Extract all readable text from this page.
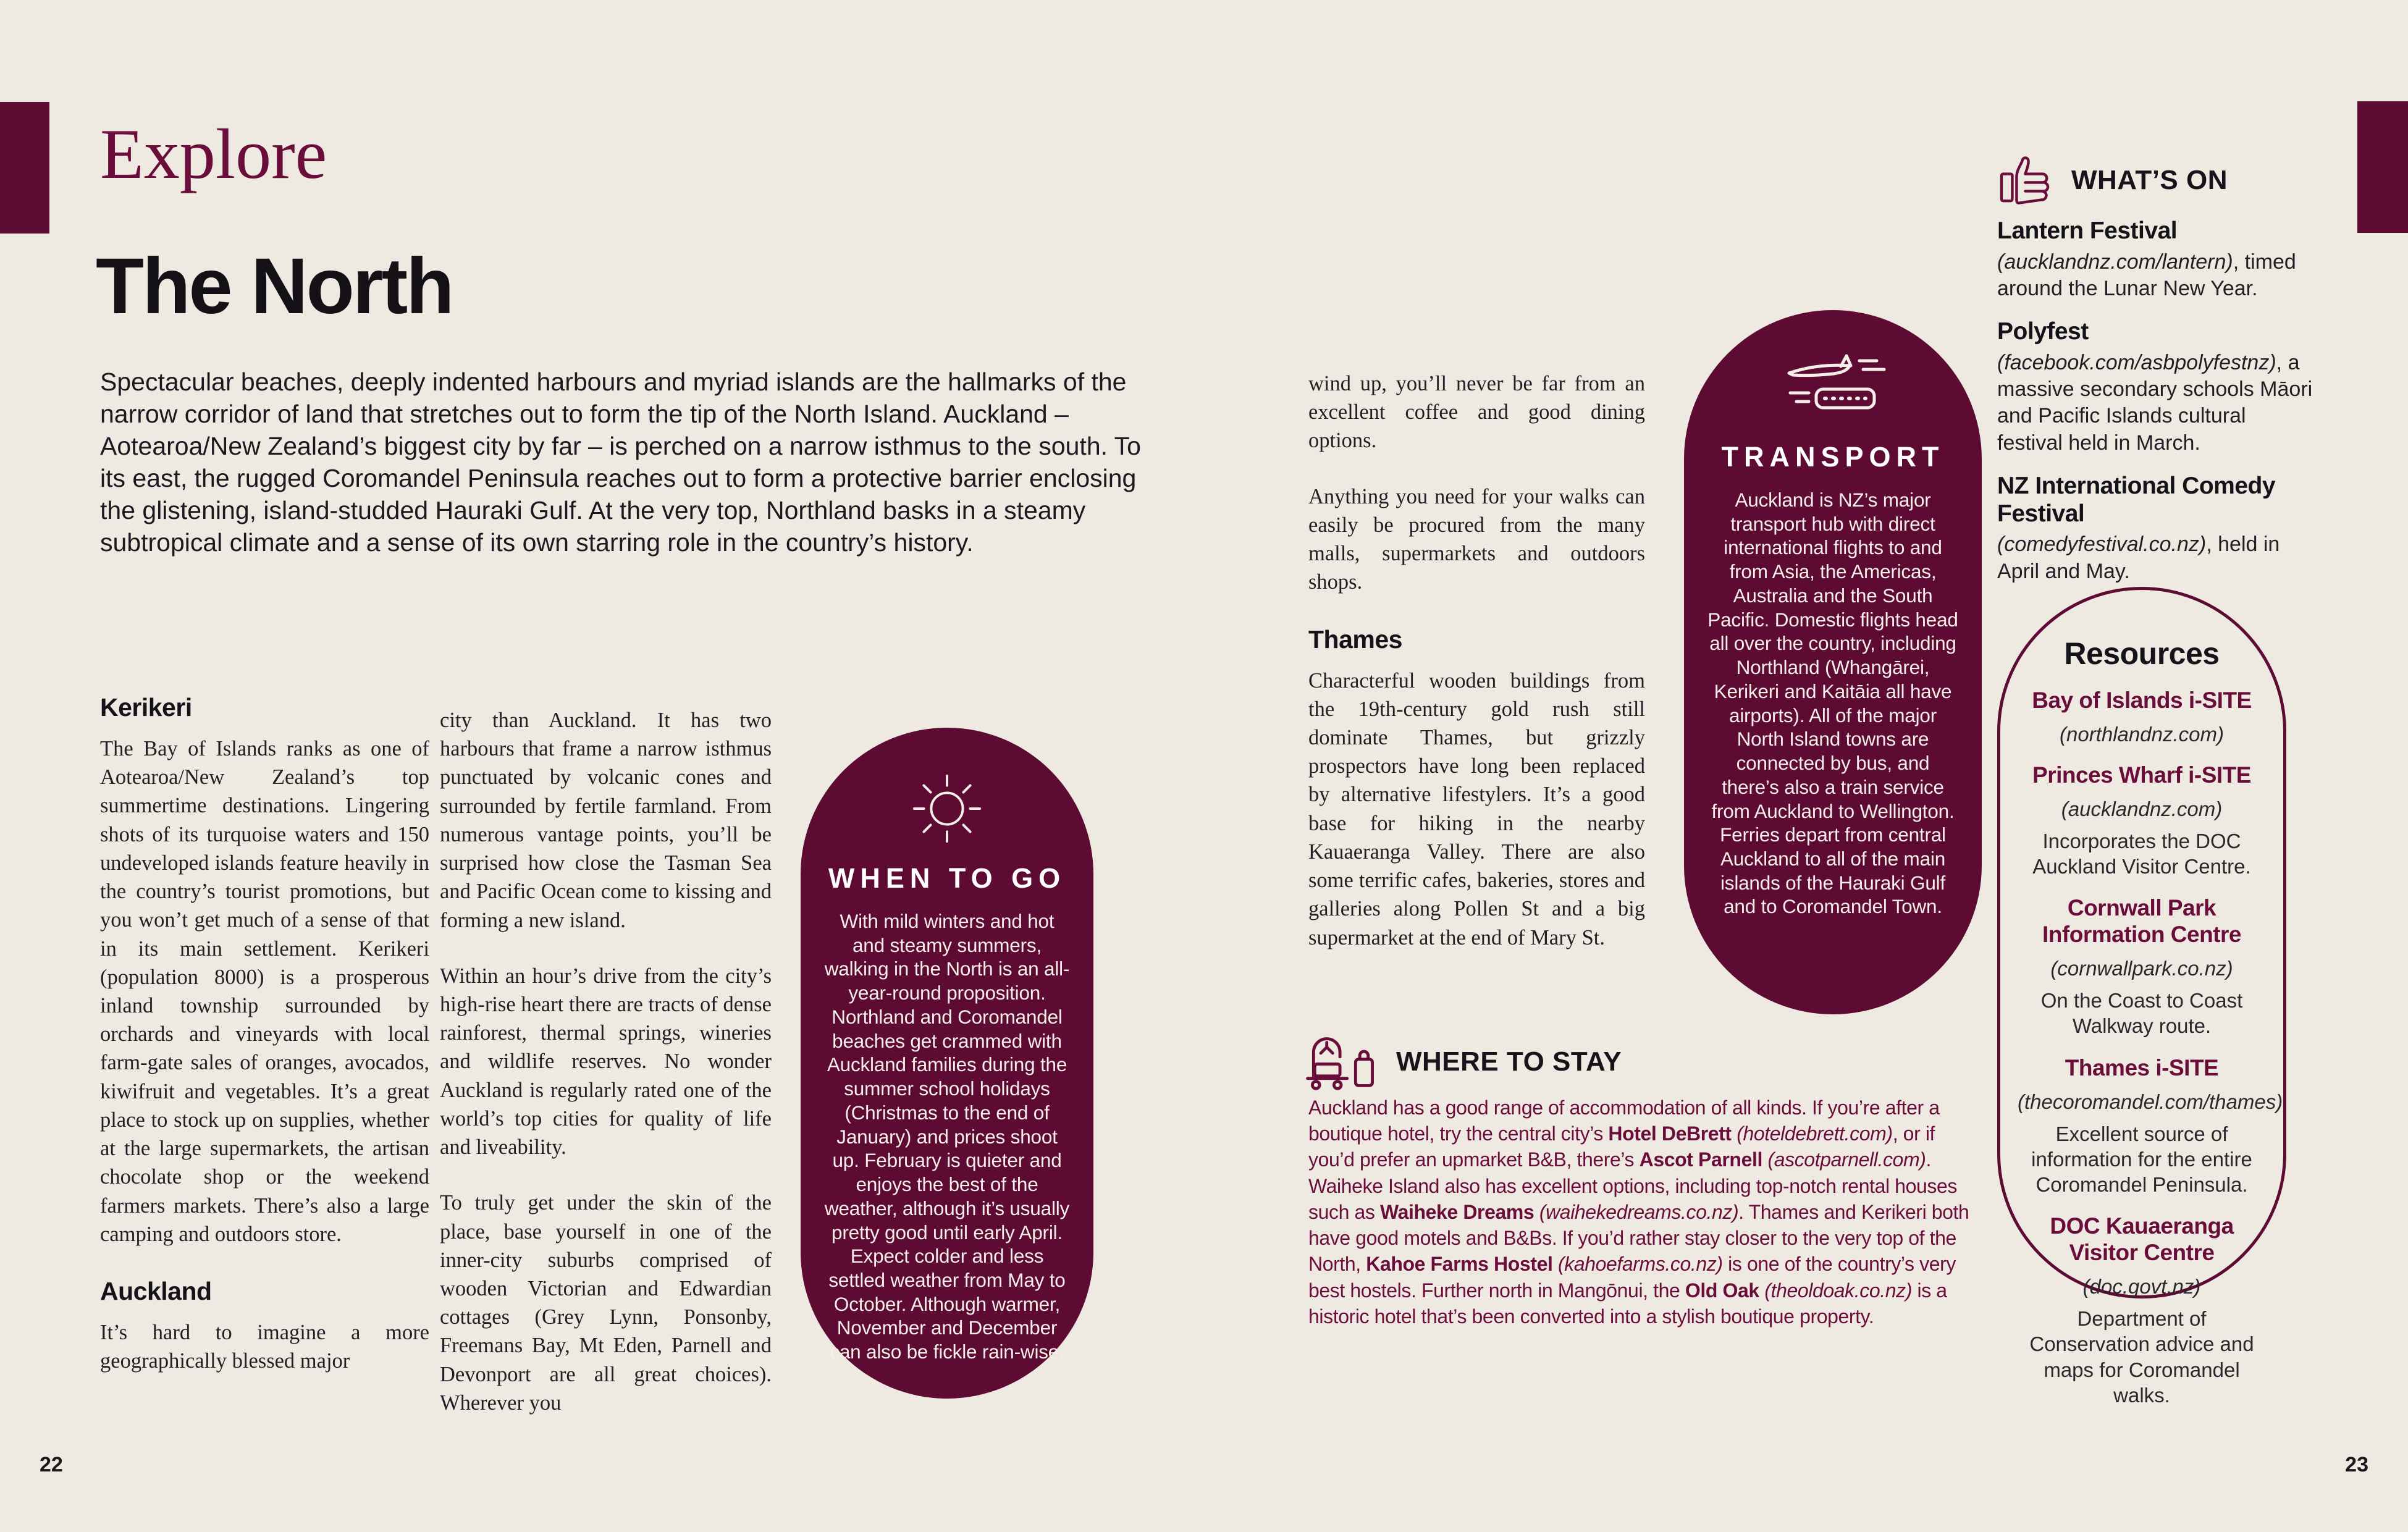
Explore
The North

Spectacular beaches, deeply indented harbours and myriad islands are the hallmarks of the narrow corridor of land that stretches out to form the tip of the North Island. Auckland – Aotearoa/New Zealand’s biggest city by far – is perched on a narrow isthmus to the south. To its east, the rugged Coromandel Peninsula reaches out to form a protective barrier enclosing the glistening, island-studded Hauraki Gulf. At the very top, Northland basks in a steamy subtropical climate and a sense of its own starring role in the country’s history.

Kerikeri

The Bay of Islands ranks as one of Aotearoa/New Zealand’s top summertime destinations. Lingering shots of its turquoise waters and 150 undeveloped islands feature heavily in the country’s tourist promotions, but you won’t get much of a sense of that in its main settlement. Kerikeri (population 8000) is a prosperous inland township surrounded by orchards and vineyards with local farm-gate sales of oranges, avocados, kiwifruit and vegetables. It’s a great place to stock up on supplies, whether at the large supermarkets, the artisan chocolate shop or the weekend farmers markets. There’s also a large camping and outdoors store.

Auckland

It’s hard to imagine a more geographically blessed major

city than Auckland. It has two harbours that frame a narrow isthmus punctuated by volcanic cones and surrounded by fertile farmland. From numerous vantage points, you’ll be surprised how close the Tasman Sea and Pacific Ocean come to kissing and forming a new island.

Within an hour’s drive from the city’s high-rise heart there are tracts of dense rainforest, thermal springs, wineries and wildlife reserves. No wonder Auckland is regularly rated one of the world’s top cities for quality of life and liveability.

To truly get under the skin of the place, base yourself in one of the inner-city suburbs comprised of wooden Victorian and Edwardian cottages (Grey Lynn, Ponsonby, Freemans Bay, Mt Eden, Parnell and Devonport are all great choices). Wherever you

wind up, you’ll never be far from an excellent coffee and good dining options.

Anything you need for your walks can easily be procured from the many malls, supermarkets and outdoors shops.

Thames

Characterful wooden buildings from the 19th-century gold rush still dominate Thames, but grizzly prospectors have long been replaced by alternative lifestylers. It’s a good base for hiking in the nearby Kauaeranga Valley. There are also some terrific cafes, bakeries, stores and galleries along Pollen St and a big supermarket at the end of Mary St.

WHEN TO GO

With mild winters and hot and steamy summers, walking in the North is an all-year-round proposition. Northland and Coromandel beaches get crammed with Auckland families during the summer school holidays (Christmas to the end of January) and prices shoot up. February is quieter and enjoys the best of the weather, although it’s usually pretty good until early April. Expect colder and less settled weather from May to October. Although warmer, November and December can also be fickle rain-wise.

TRANSPORT

Auckland is NZ’s major transport hub with direct international flights to and from Asia, the Americas, Australia and the South Pacific. Domestic flights head all over the country, including Northland (Whangārei, Kerikeri and Kaitāia all have airports). All of the major North Island towns are connected by bus, and there’s also a train service from Auckland to Wellington. Ferries depart from central Auckland to all of the main islands of the Hauraki Gulf and to Coromandel Town.

WHAT’S ON
Lantern Festival

(aucklandnz.com/lantern), timed around the Lunar New Year.

Polyfest

(facebook.com/asbpolyfestnz), a massive secondary schools Māori and Pacific Islands cultural festival held in March.

NZ International Comedy Festival

(comedyfestival.co.nz), held in April and May.

WHERE TO STAY

Auckland has a good range of accommodation of all kinds. If you’re after a boutique hotel, try the central city’s Hotel DeBrett (hoteldebrett.com), or if you’d prefer an upmarket B&B, there’s Ascot Parnell (ascotparnell.com). Waiheke Island also has excellent options, including top-notch rental houses such as Waiheke Dreams (waihekedreams.co.nz). Thames and Kerikeri both have good motels and B&Bs. If you’d rather stay closer to the very top of the North, Kahoe Farms Hostel (kahoefarms.co.nz) is one of the country’s very best hostels. Further north in Mangōnui, the Old Oak (theoldoak.co.nz) is a historic hotel that’s been converted into a stylish boutique property.

Resources
Bay of Islands i-SITE
(northlandnz.com)
Princes Wharf i-SITE
(aucklandnz.com)
Incorporates the DOC Auckland Visitor Centre.
Cornwall Park Information Centre
(cornwallpark.co.nz)
On the Coast to Coast Walkway route.
Thames i-SITE
(thecoromandel.com/thames)
Excellent source of information for the entire Coromandel Peninsula.
DOC Kauaeranga Visitor Centre
(doc.govt.nz)
Department of Conservation advice and maps for Coromandel walks.
22	23
